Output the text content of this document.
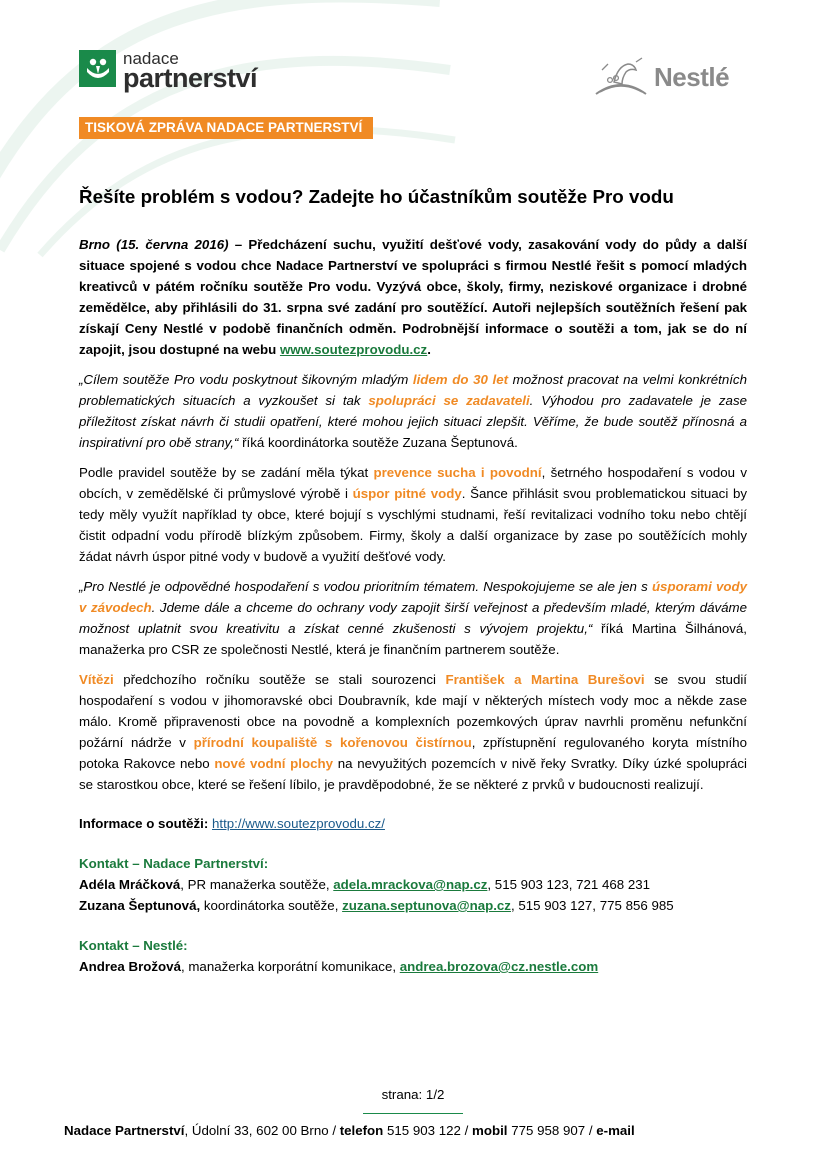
nadace
partnerství	Nestlé
TISKOVÁ ZPRÁVA NADACE PARTNERSTVÍ
Řešíte problém s vodou? Zadejte ho účastníkům soutěže Pro vodu

Brno (15. června 2016) – Předcházení suchu, využití dešťové vody, zasakování vody do půdy a další situace spojené s vodou chce Nadace Partnerství ve spolupráci s firmou Nestlé řešit s pomocí mladých kreativců v pátém ročníku soutěže Pro vodu. Vyzývá obce, školy, firmy, neziskové organizace i drobné zemědělce, aby přihlásili do 31. srpna své zadání pro soutěžící. Autoři nejlepších soutěžních řešení pak získají Ceny Nestlé v podobě finančních odměn. Podrobnější informace o soutěži a tom, jak se do ní zapojit, jsou dostupné na webu www.soutezprovodu.cz.

„Cílem soutěže Pro vodu poskytnout šikovným mladým lidem do 30 let možnost pracovat na velmi konkrétních problematických situacích a vyzkoušet si tak spolupráci se zadavateli. Výhodou pro zadavatele je zase příležitost získat návrh či studii opatření, které mohou jejich situaci zlepšit. Věříme, že bude soutěž přínosná a inspirativní pro obě strany,“ říká koordinátorka soutěže Zuzana Šeptunová.

Podle pravidel soutěže by se zadání měla týkat prevence sucha i povodní, šetrného hospodaření s vodou v obcích, v zemědělské či průmyslové výrobě i úspor pitné vody. Šance přihlásit svou problematickou situaci by tedy měly využít například ty obce, které bojují s vyschlými studnami, řeší revitalizaci vodního toku nebo chtějí čistit odpadní vodu přírodě blízkým způsobem. Firmy, školy a další organizace by zase po soutěžících mohly žádat návrh úspor pitné vody v budově a využití dešťové vody.

„Pro Nestlé je odpovědné hospodaření s vodou prioritním tématem. Nespokojujeme se ale jen s úsporami vody v závodech. Jdeme dále a chceme do ochrany vody zapojit širší veřejnost a především mladé, kterým dáváme možnost uplatnit svou kreativitu a získat cenné zkušenosti s vývojem projektu,“ říká Martina Šilhánová, manažerka pro CSR ze společnosti Nestlé, která je finančním partnerem soutěže.

Vítězi předchozího ročníku soutěže se stali sourozenci František a Martina Burešovi se svou studií hospodaření s vodou v jihomoravské obci Doubravník, kde mají v některých místech vody moc a někde zase málo. Kromě připravenosti obce na povodně a komplexních pozemkových úprav navrhli proměnu nefunkční požární nádrže v přírodní koupaliště s kořenovou čistírnou, zpřístupnění regulovaného koryta místního potoka Rakovce nebo nové vodní plochy na nevyužitých pozemcích v nivě řeky Svratky. Díky úzké spolupráci se starostkou obce, které se řešení líbilo, je pravděpodobné, že se některé z prvků v budoucnosti realizují.

Informace o soutěži: http://www.soutezprovodu.cz/
Kontakt – Nadace Partnerství:
Adéla Mráčková, PR manažerka soutěže, adela.mrackova@nap.cz, 515 903 123, 721 468 231
Zuzana Šeptunová, koordinátorka soutěže, zuzana.septunova@nap.cz, 515 903 127, 775 856 985
Kontakt – Nestlé:
Andrea Brožová, manažerka korporátní komunikace, andrea.brozova@cz.nestle.com
strana: 1/2
Nadace Partnerství, Údolní 33, 602 00 Brno / telefon 515 903 122 / mobil 775 958 907 / e-mail
